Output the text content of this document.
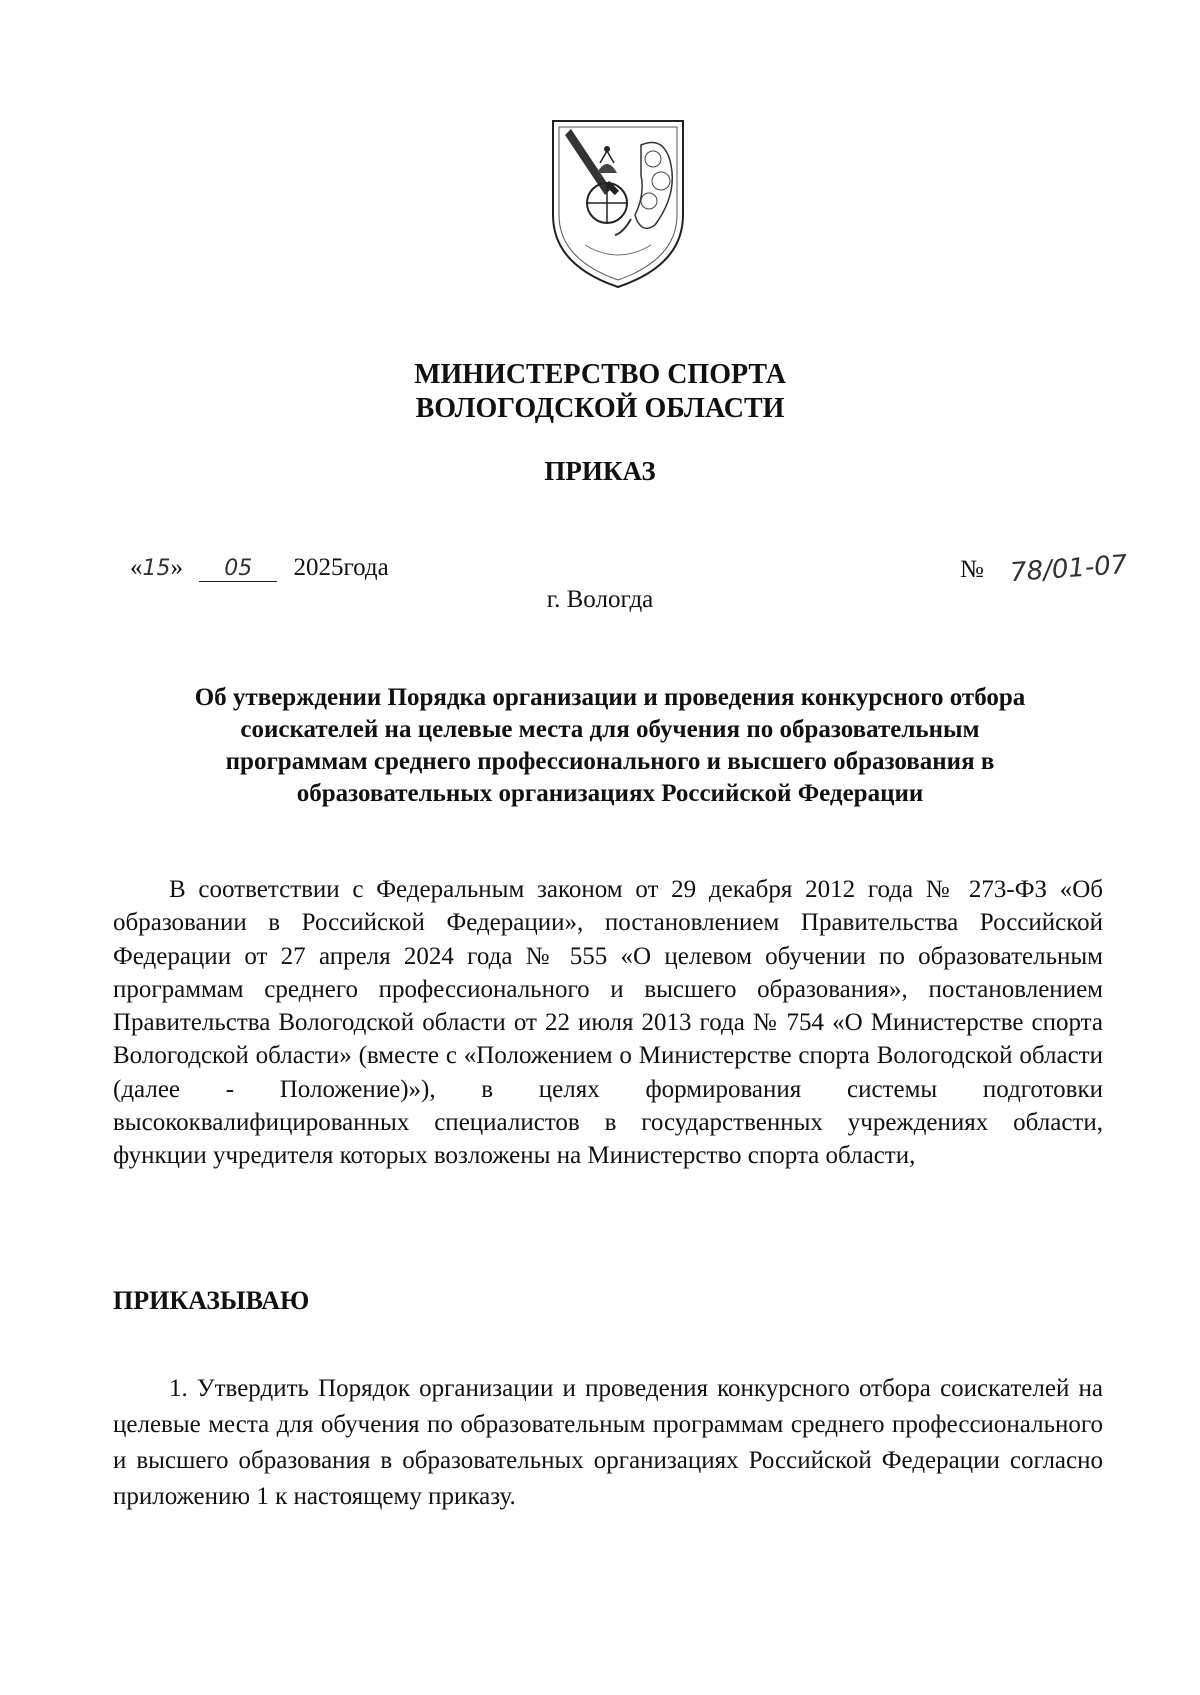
МИНИСТЕРСТВО СПОРТА
ВОЛОГОДСКОЙ ОБЛАСТИ
ПРИКАЗ
«15» 05 2025года	№ 78/01-07
г. Вологда
Об утверждении Порядка организации и проведения конкурсного отбора
соискателей на целевые места для обучения по образовательным
программам среднего профессионального и высшего образования в
образовательных организациях Российской Федерации

В соответствии с Федеральным законом от 29 декабря 2012 года № 273-ФЗ «Об образовании в Российской Федерации», постановлением Правительства Российской Федерации от 27 апреля 2024 года № 555 «О целевом обучении по образовательным программам среднего профессионального и высшего образования», постановлением Правительства Вологодской области от 22 июля 2013 года № 754 «О Министерстве спорта Вологодской области» (вместе с «Положением о Министерстве спорта Вологодской области (далее - Положение)»), в целях формирования системы подготовки высококвалифицированных специалистов в государственных учреждениях области, функции учредителя которых возложены на Министерство спорта области,

ПРИКАЗЫВАЮ

1. Утвердить Порядок организации и проведения конкурсного отбора соискателей на целевые места для обучения по образовательным программам среднего профессионального и высшего образования в образовательных организациях Российской Федерации согласно приложению 1 к настоящему приказу.
